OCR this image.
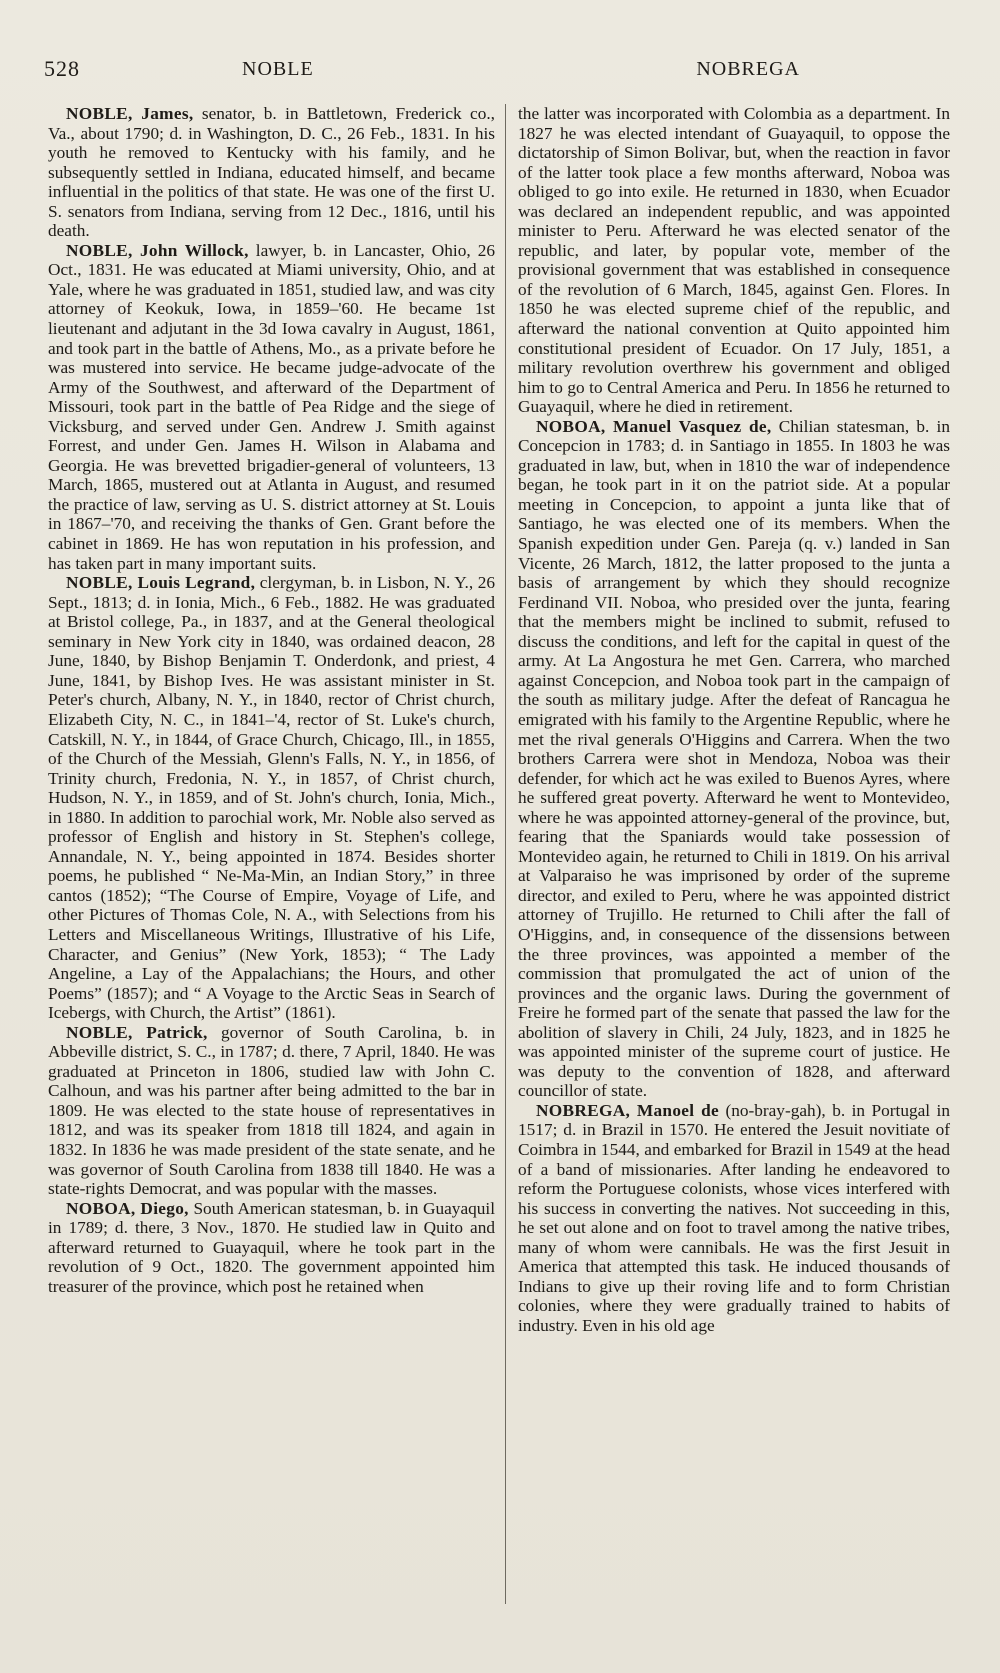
528	NOBLE	NOBREGA

NOBLE, James, senator, b. in Battletown, Frederick co., Va., about 1790; d. in Washington, D. C., 26 Feb., 1831. In his youth he removed to Kentucky with his family, and he subsequently settled in Indiana, educated himself, and became influential in the politics of that state. He was one of the first U. S. senators from Indiana, serving from 12 Dec., 1816, until his death.

NOBLE, John Willock, lawyer, b. in Lancaster, Ohio, 26 Oct., 1831. He was educated at Miami university, Ohio, and at Yale, where he was graduated in 1851, studied law, and was city attorney of Keokuk, Iowa, in 1859–'60. He became 1st lieutenant and adjutant in the 3d Iowa cavalry in August, 1861, and took part in the battle of Athens, Mo., as a private before he was mustered into service. He became judge-advocate of the Army of the Southwest, and afterward of the Department of Missouri, took part in the battle of Pea Ridge and the siege of Vicksburg, and served under Gen. Andrew J. Smith against Forrest, and under Gen. James H. Wilson in Alabama and Georgia. He was brevetted brigadier-general of volunteers, 13 March, 1865, mustered out at Atlanta in August, and resumed the practice of law, serving as U. S. district attorney at St. Louis in 1867–'70, and receiving the thanks of Gen. Grant before the cabinet in 1869. He has won reputation in his profession, and has taken part in many important suits.

NOBLE, Louis Legrand, clergyman, b. in Lisbon, N. Y., 26 Sept., 1813; d. in Ionia, Mich., 6 Feb., 1882. He was graduated at Bristol college, Pa., in 1837, and at the General theological seminary in New York city in 1840, was ordained deacon, 28 June, 1840, by Bishop Benjamin T. Onderdonk, and priest, 4 June, 1841, by Bishop Ives. He was assistant minister in St. Peter's church, Albany, N. Y., in 1840, rector of Christ church, Elizabeth City, N. C., in 1841–'4, rector of St. Luke's church, Catskill, N. Y., in 1844, of Grace Church, Chicago, Ill., in 1855, of the Church of the Messiah, Glenn's Falls, N. Y., in 1856, of Trinity church, Fredonia, N. Y., in 1857, of Christ church, Hudson, N. Y., in 1859, and of St. John's church, Ionia, Mich., in 1880. In addition to parochial work, Mr. Noble also served as professor of English and history in St. Stephen's college, Annandale, N. Y., being appointed in 1874. Besides shorter poems, he published “ Ne-Ma-Min, an Indian Story,” in three cantos (1852); “The Course of Empire, Voyage of Life, and other Pictures of Thomas Cole, N. A., with Selections from his Letters and Miscellaneous Writings, Illustrative of his Life, Character, and Genius” (New York, 1853); “ The Lady Angeline, a Lay of the Appalachians; the Hours, and other Poems” (1857); and “ A Voyage to the Arctic Seas in Search of Icebergs, with Church, the Artist” (1861).

NOBLE, Patrick, governor of South Carolina, b. in Abbeville district, S. C., in 1787; d. there, 7 April, 1840. He was graduated at Princeton in 1806, studied law with John C. Calhoun, and was his partner after being admitted to the bar in 1809. He was elected to the state house of representatives in 1812, and was its speaker from 1818 till 1824, and again in 1832. In 1836 he was made president of the state senate, and he was governor of South Carolina from 1838 till 1840. He was a state-rights Democrat, and was popular with the masses.

NOBOA, Diego, South American statesman, b. in Guayaquil in 1789; d. there, 3 Nov., 1870. He studied law in Quito and afterward returned to Guayaquil, where he took part in the revolution of 9 Oct., 1820. The government appointed him treasurer of the province, which post he retained when

the latter was incorporated with Colombia as a department. In 1827 he was elected intendant of Guayaquil, to oppose the dictatorship of Simon Bolivar, but, when the reaction in favor of the latter took place a few months afterward, Noboa was obliged to go into exile. He returned in 1830, when Ecuador was declared an independent republic, and was appointed minister to Peru. Afterward he was elected senator of the republic, and later, by popular vote, member of the provisional government that was established in consequence of the revolution of 6 March, 1845, against Gen. Flores. In 1850 he was elected supreme chief of the republic, and afterward the national convention at Quito appointed him constitutional president of Ecuador. On 17 July, 1851, a military revolution overthrew his government and obliged him to go to Central America and Peru. In 1856 he returned to Guayaquil, where he died in retirement.

NOBOA, Manuel Vasquez de, Chilian statesman, b. in Concepcion in 1783; d. in Santiago in 1855. In 1803 he was graduated in law, but, when in 1810 the war of independence began, he took part in it on the patriot side. At a popular meeting in Concepcion, to appoint a junta like that of Santiago, he was elected one of its members. When the Spanish expedition under Gen. Pareja (q. v.) landed in San Vicente, 26 March, 1812, the latter proposed to the junta a basis of arrangement by which they should recognize Ferdinand VII. Noboa, who presided over the junta, fearing that the members might be inclined to submit, refused to discuss the conditions, and left for the capital in quest of the army. At La Angostura he met Gen. Carrera, who marched against Concepcion, and Noboa took part in the campaign of the south as military judge. After the defeat of Rancagua he emigrated with his family to the Argentine Republic, where he met the rival generals O'Higgins and Carrera. When the two brothers Carrera were shot in Mendoza, Noboa was their defender, for which act he was exiled to Buenos Ayres, where he suffered great poverty. Afterward he went to Montevideo, where he was appointed attorney-general of the province, but, fearing that the Spaniards would take possession of Montevideo again, he returned to Chili in 1819. On his arrival at Valparaiso he was imprisoned by order of the supreme director, and exiled to Peru, where he was appointed district attorney of Trujillo. He returned to Chili after the fall of O'Higgins, and, in consequence of the dissensions between the three provinces, was appointed a member of the commission that promulgated the act of union of the provinces and the organic laws. During the government of Freire he formed part of the senate that passed the law for the abolition of slavery in Chili, 24 July, 1823, and in 1825 he was appointed minister of the supreme court of justice. He was deputy to the convention of 1828, and afterward councillor of state.

NOBREGA, Manoel de (no-bray-gah), b. in Portugal in 1517; d. in Brazil in 1570. He entered the Jesuit novitiate of Coimbra in 1544, and embarked for Brazil in 1549 at the head of a band of missionaries. After landing he endeavored to reform the Portuguese colonists, whose vices interfered with his success in converting the natives. Not succeeding in this, he set out alone and on foot to travel among the native tribes, many of whom were cannibals. He was the first Jesuit in America that attempted this task. He induced thousands of Indians to give up their roving life and to form Christian colonies, where they were gradually trained to habits of industry. Even in his old age
